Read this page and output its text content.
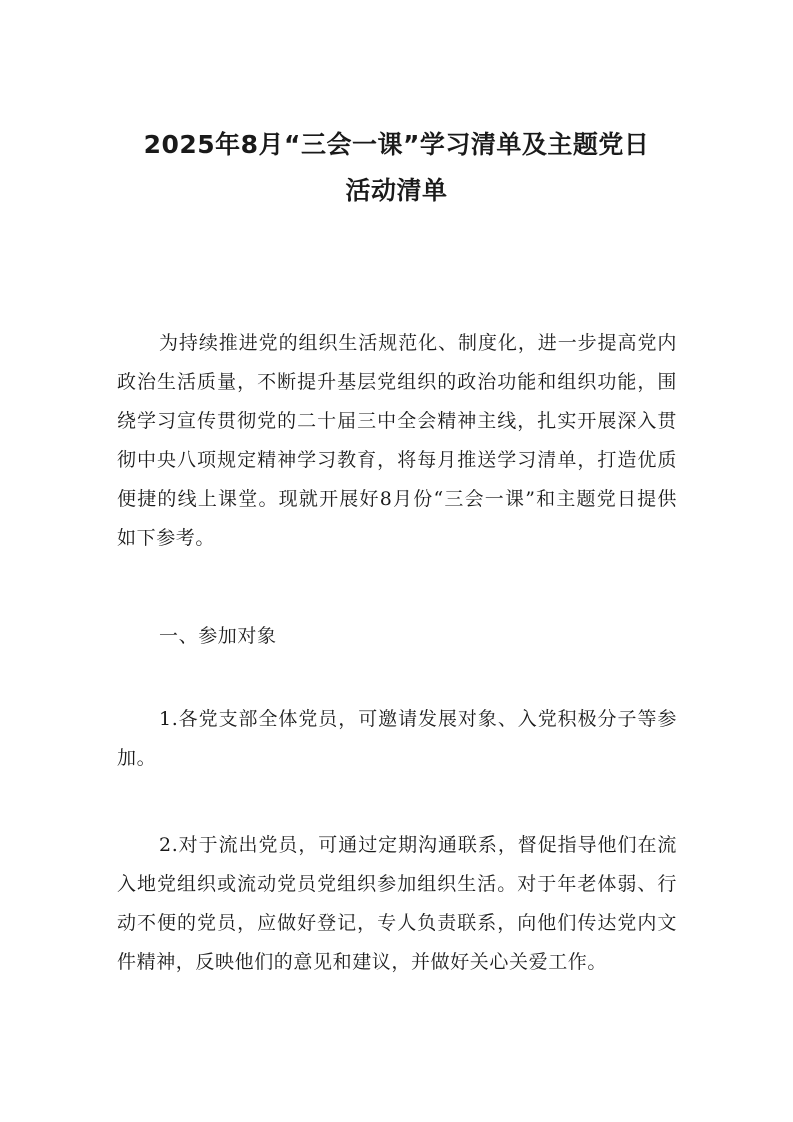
2025年8月“三会一课”学习清单及主题党日
活动清单

为持续推进党的组织生活规范化、制度化，进一步提高党内政治生活质量，不断提升基层党组织的政治功能和组织功能，围绕学习宣传贯彻党的二十届三中全会精神主线，扎实开展深入贯彻中央八项规定精神学习教育，将每月推送学习清单，打造优质便捷的线上课堂。现就开展好8月份“三会一课”和主题党日提供如下参考。

一、参加对象

1.各党支部全体党员，可邀请发展对象、入党积极分子等参加。

2.对于流出党员，可通过定期沟通联系，督促指导他们在流入地党组织或流动党员党组织参加组织生活。对于年老体弱、行动不便的党员，应做好登记，专人负责联系，向他们传达党内文件精神，反映他们的意见和建议，并做好关心关爱工作。
